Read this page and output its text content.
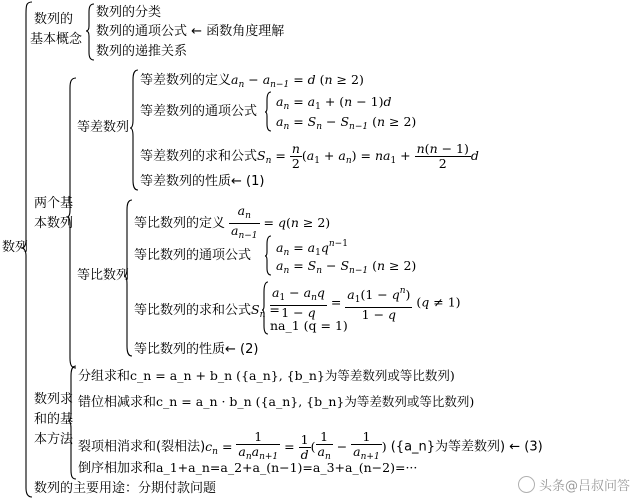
数列
数列的
基本概念
数列的分类
数列的通项公式 ← 函数角度理解
数列的递推关系
两个基
本数列
等差数列
等差数列的定义$a_n - a_{n-1} = d$ (n ≥ 2)
等差数列的通项公式
$a_n = a_1 + (n - 1)d$
$a_n = S_n - S_{n-1}$ (n ≥ 2)
等差数列的求和公式$S_n = \frac{n}{2} (a_1 + a_n) = na_1 + \frac{n(n - 1)}{2}$ d
等差数列的性质← (1)
等比数列
等比数列的定义 $\frac{a_n}{a_{n-1}} = q(n \ge 2)$
等比数列的通项公式
$a_n = a_1q^{n-1}$
$a_n = S_n - S_{n-1}$ (n ≥ 2)
等比数列的求和公式$S_n$ =
$a_1 - a_nq$
1 − q
= $\frac{a_1(1 - q^n)}{1 - q} (q \ne 1)$
na_1 (q = 1)
等比数列的性质← (2)
数列求
和的基
本方法
分组求和c_n = a_n + b_n ({a_n}, {b_n}为等差数列或等比数列)
错位相减求和c_n = a_n · b_n ({a_n}, {b_n}为等差数列或等比数列)
裂项相消求和(裂相法)$c_n$ =
1
$a_na_{n+1}$
= $\frac{1}{d}$ ( $\frac{1}{a_n} - \frac{1}{a_{n+1}}$ ) ({a_n}为等差数列) ← (3)
倒序相加求和a_1+a_n=a_2+a_(n−1)=a_3+a_(n−2)=···
数列的主要用途：分期付款问题	头条@吕叔问答
